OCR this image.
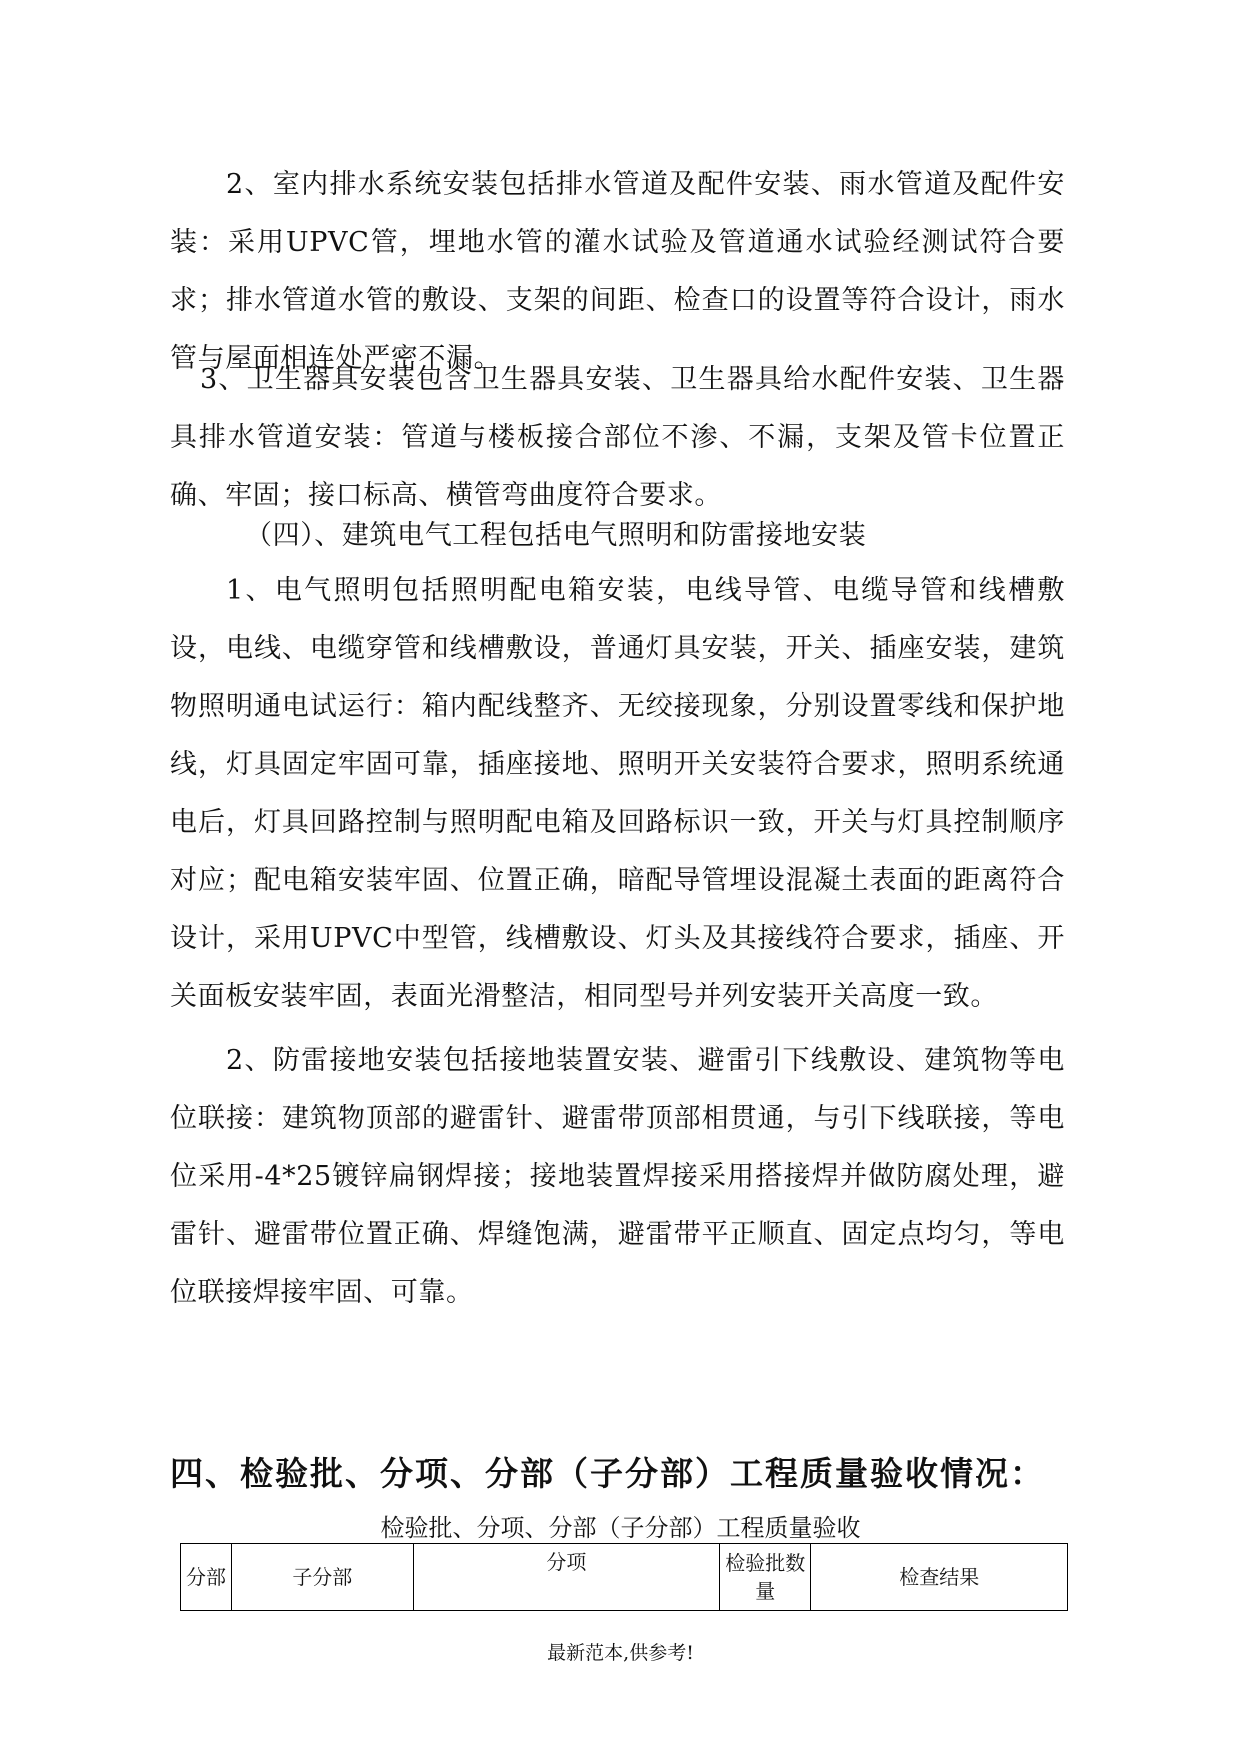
2、室内排水系统安装包括排水管道及配件安装、雨水管道及配件安装：采用UPVC管，埋地水管的灌水试验及管道通水试验经测试符合要求；排水管道水管的敷设、支架的间距、检查口的设置等符合设计，雨水管与屋面相连处严密不漏。
3、卫生器具安装包含卫生器具安装、卫生器具给水配件安装、卫生器具排水管道安装：管道与楼板接合部位不渗、不漏，支架及管卡位置正确、牢固；接口标高、横管弯曲度符合要求。
（四）、建筑电气工程包括电气照明和防雷接地安装
1、电气照明包括照明配电箱安装，电线导管、电缆导管和线槽敷设，电线、电缆穿管和线槽敷设，普通灯具安装，开关、插座安装，建筑物照明通电试运行：箱内配线整齐、无绞接现象，分别设置零线和保护地线，灯具固定牢固可靠，插座接地、照明开关安装符合要求，照明系统通电后，灯具回路控制与照明配电箱及回路标识一致，开关与灯具控制顺序对应；配电箱安装牢固、位置正确，暗配导管埋设混凝土表面的距离符合设计，采用UPVC中型管，线槽敷设、灯头及其接线符合要求，插座、开关面板安装牢固，表面光滑整洁，相同型号并列安装开关高度一致。
2、防雷接地安装包括接地装置安装、避雷引下线敷设、建筑物等电位联接：建筑物顶部的避雷针、避雷带顶部相贯通，与引下线联接，等电位采用-4*25镀锌扁钢焊接；接地装置焊接采用搭接焊并做防腐处理，避雷针、避雷带位置正确、焊缝饱满，避雷带平正顺直、固定点均匀，等电位联接焊接牢固、可靠。
四、检验批、分项、分部（子分部）工程质量验收情况：
检验批、分项、分部（子分部）工程质量验收
分部	子分部	分项	检验批数　量	检查结果
最新范本,供参考!
